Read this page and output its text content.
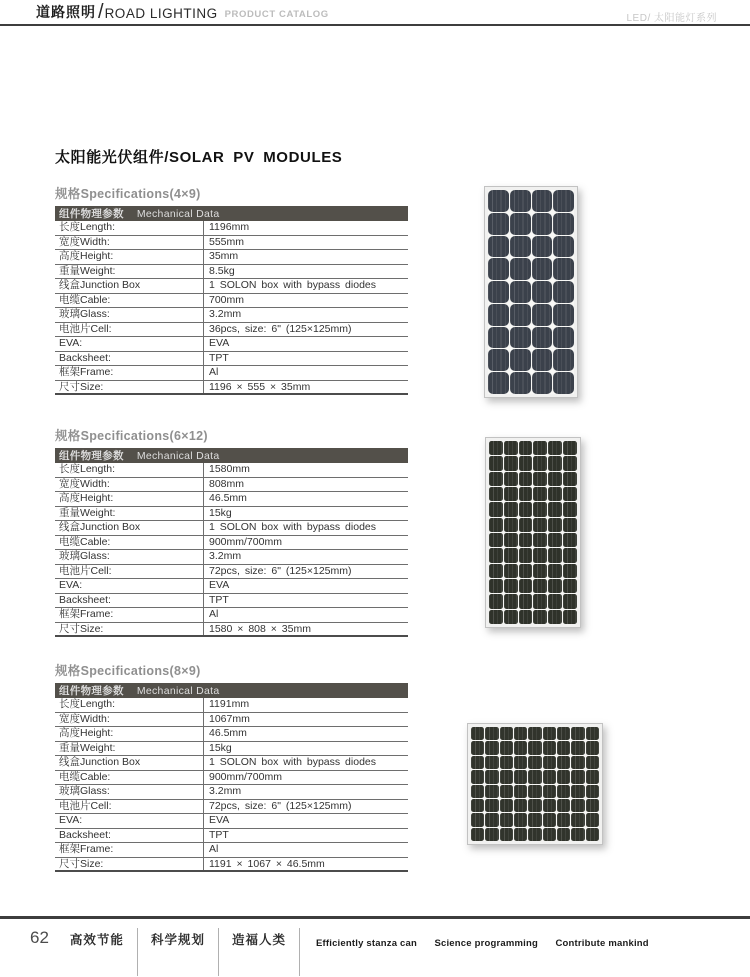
道路照明 / ROAD LIGHTING PRODUCT CATALOG	LED/ 太阳能灯系列
太阳能光伏组件/SOLAR PV MODULES
规格Specifications(4×9)
组件物理参数 Mechanical Data
长度Length:	1196mm
宽度Width:	555mm
高度Height:	35mm
重量Weight:	8.5kg
线盒Junction Box	1 SOLON box with bypass diodes
电缆Cable:	700mm
玻璃Glass:	3.2mm
电池片Cell:	36pcs, size: 6" (125×125mm)
EVA:	EVA
Backsheet:	TPT
框架Frame:	Al
尺寸Size:	1196 × 555 × 35mm
规格Specifications(6×12)
组件物理参数 Mechanical Data
长度Length:	1580mm
宽度Width:	808mm
高度Height:	46.5mm
重量Weight:	15kg
线盒Junction Box	1 SOLON box with bypass diodes
电缆Cable:	900mm/700mm
玻璃Glass:	3.2mm
电池片Cell:	72pcs, size: 6" (125×125mm)
EVA:	EVA
Backsheet:	TPT
框架Frame:	Al
尺寸Size:	1580 × 808 × 35mm
规格Specifications(8×9)
组件物理参数 Mechanical Data
长度Length:	1191mm
宽度Width:	1067mm
高度Height:	46.5mm
重量Weight:	15kg
线盒Junction Box	1 SOLON box with bypass diodes
电缆Cable:	900mm/700mm
玻璃Glass:	3.2mm
电池片Cell:	72pcs, size: 6" (125×125mm)
EVA:	EVA
Backsheet:	TPT
框架Frame:	Al
尺寸Size:	1191 × 1067 × 46.5mm
62	高效节能	科学规划	造福人类	Efficiently stanza can Science programming Contribute mankind
